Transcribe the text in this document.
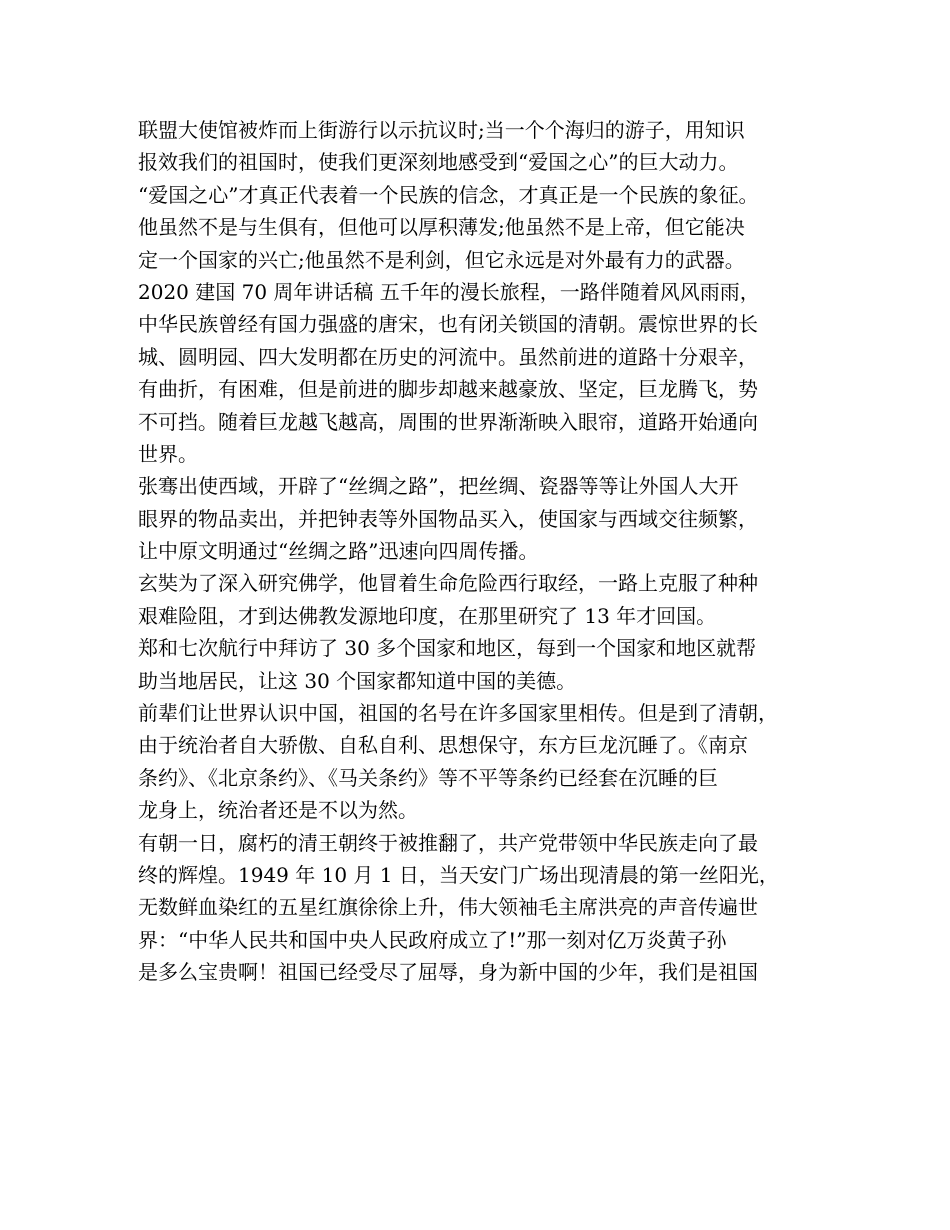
联盟大使馆被炸而上街游行以示抗议时;当一个个海归的游子，用知识
报效我们的祖国时，使我们更深刻地感受到“爱国之心”的巨大动力。
“爱国之心”才真正代表着一个民族的信念，才真正是一个民族的象征。
他虽然不是与生俱有，但他可以厚积薄发;他虽然不是上帝，但它能决
定一个国家的兴亡;他虽然不是利剑，但它永远是对外最有力的武器。
2020 建国 70 周年讲话稿 五千年的漫长旅程，一路伴随着风风雨雨，
中华民族曾经有国力强盛的唐宋，也有闭关锁国的清朝。震惊世界的长
城、圆明园、四大发明都在历史的河流中。虽然前进的道路十分艰辛，
有曲折，有困难，但是前进的脚步却越来越豪放、坚定，巨龙腾飞，势
不可挡。随着巨龙越飞越高，周围的世界渐渐映入眼帘，道路开始通向
世界。
张骞出使西域，开辟了“丝绸之路”，把丝绸、瓷器等等让外国人大开
眼界的物品卖出，并把钟表等外国物品买入，使国家与西域交往频繁，
让中原文明通过“丝绸之路”迅速向四周传播。
玄奘为了深入研究佛学，他冒着生命危险西行取经，一路上克服了种种
艰难险阻，才到达佛教发源地印度，在那里研究了 13 年才回国。
郑和七次航行中拜访了 30 多个国家和地区，每到一个国家和地区就帮
助当地居民，让这 30 个国家都知道中国的美德。
前辈们让世界认识中国，祖国的名号在许多国家里相传。但是到了清朝，
由于统治者自大骄傲、自私自利、思想保守，东方巨龙沉睡了。《南京
条约》、《北京条约》、《马关条约》等不平等条约已经套在沉睡的巨
龙身上，统治者还是不以为然。
有朝一日，腐朽的清王朝终于被推翻了，共产党带领中华民族走向了最
终的辉煌。1949 年 10 月 1 日，当天安门广场出现清晨的第一丝阳光，
无数鲜血染红的五星红旗徐徐上升，伟大领袖毛主席洪亮的声音传遍世
界：“中华人民共和国中央人民政府成立了!”那一刻对亿万炎黄子孙
是多么宝贵啊！祖国已经受尽了屈辱，身为新中国的少年，我们是祖国
